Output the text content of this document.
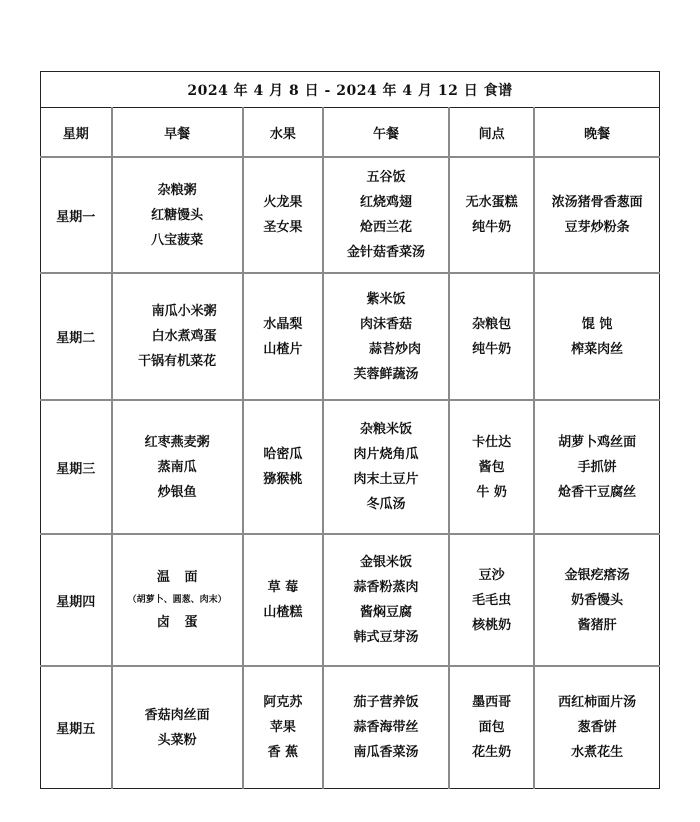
2024 年 4 月 8 日 - 2024 年 4 月 12 日 食谱					
星期	早餐	水果	午餐	间点	晚餐
星期一	杂粮粥
红糖馒头
八宝菠菜	火龙果
圣女果	五谷饭
红烧鸡翅
炝西兰花
金针菇香菜汤	无水蛋糕
纯牛奶	浓汤猪骨香葱面
豆芽炒粉条

星期二	南瓜小米粥
白水煮鸡蛋
干锅有机菜花	水晶梨
山楂片	紫米饭
肉沫香菇
蒜苔炒肉
芙蓉鲜蔬汤	杂粮包
纯牛奶	馄 饨
榨菜肉丝

星期三	红枣燕麦粥
蒸南瓜
炒银鱼	哈密瓜
猕猴桃	杂粮米饭
肉片烧角瓜
肉末土豆片
冬瓜汤	卡仕达
酱包
牛 奶	胡萝卜鸡丝面
手抓饼
炝香干豆腐丝

星期四	温 面
（胡萝卜、圆葱、肉末）
卤 蛋	草 莓
山楂糕	金银米饭
蒜香粉蒸肉
酱焖豆腐
韩式豆芽汤	豆沙
毛毛虫
核桃奶	金银疙瘩汤
奶香馒头
酱猪肝

星期五	香菇肉丝面
头菜粉	阿克苏
苹果
香 蕉	茄子营养饭
蒜香海带丝
南瓜香菜汤	墨西哥
面包
花生奶	西红柿面片汤
葱香饼
水煮花生
